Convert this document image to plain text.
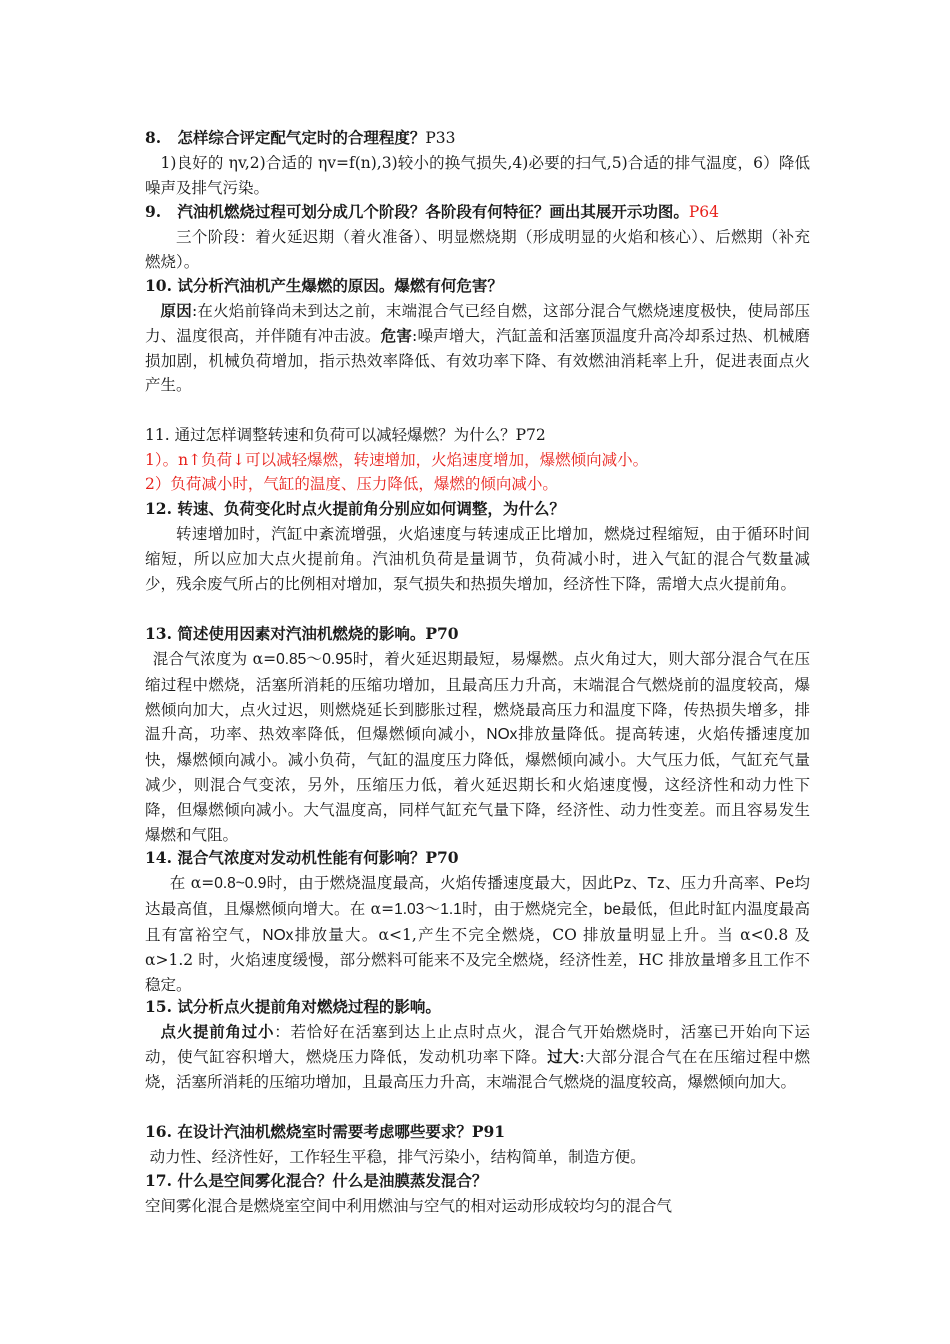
8.   怎样综合评定配气定时的合理程度？P33
1)良好的 ηv,2)合适的 ηv=f(n),3)较小的换气损失,4)必要的扫气,5)合适的排气温度，6）降低噪声及排气污染。
9.   汽油机燃烧过程可划分成几个阶段？各阶段有何特征？画出其展开示功图。P64
三个阶段：着火延迟期（着火准备）、明显燃烧期（形成明显的火焰和核心）、后燃期（补充燃烧）。
10. 试分析汽油机产生爆燃的原因。爆燃有何危害？
原因:在火焰前锋尚未到达之前，末端混合气已经自燃，这部分混合气燃烧速度极快，使局部压力、温度很高，并伴随有冲击波。危害:噪声增大，汽缸盖和活塞顶温度升高冷却系过热、机械磨损加剧，机械负荷增加，指示热效率降低、有效功率下降、有效燃油消耗率上升，促进表面点火产生。
11. 通过怎样调整转速和负荷可以减轻爆燃？为什么？P72
1）。n↑负荷↓可以减轻爆燃，转速增加，火焰速度增加，爆燃倾向减小。
2）负荷减小时，气缸的温度、压力降低，爆燃的倾向减小。
12. 转速、负荷变化时点火提前角分别应如何调整，为什么？
转速增加时，汽缸中紊流增强，火焰速度与转速成正比增加，燃烧过程缩短，由于循环时间缩短，所以应加大点火提前角。汽油机负荷是量调节，负荷减小时，进入气缸的混合气数量减少，残余废气所占的比例相对增加，泵气损失和热损失增加，经济性下降，需增大点火提前角。
13. 简述使用因素对汽油机燃烧的影响。P70
混合气浓度为 α=0.85～0.95时，着火延迟期最短，易爆燃。点火角过大，则大部分混合气在压缩过程中燃烧，活塞所消耗的压缩功增加，且最高压力升高，末端混合气燃烧前的温度较高，爆燃倾向加大，点火过迟，则燃烧延长到膨胀过程，燃烧最高压力和温度下降，传热损失增多，排温升高，功率、热效率降低，但爆燃倾向减小，NOx排放量降低。提高转速，火焰传播速度加快，爆燃倾向减小。减小负荷，气缸的温度压力降低，爆燃倾向减小。大气压力低，气缸充气量减少，则混合气变浓，另外，压缩压力低，着火延迟期长和火焰速度慢，这经济性和动力性下降，但爆燃倾向减小。大气温度高，同样气缸充气量下降，经济性、动力性变差。而且容易发生爆燃和气阻。
14. 混合气浓度对发动机性能有何影响？P70
在 α=0.8~0.9时，由于燃烧温度最高，火焰传播速度最大，因此Pz、Tz、压力升高率、Pe均达最高值，且爆燃倾向增大。在 α=1.03～1.1时，由于燃烧完全，be最低，但此时缸内温度最高且有富裕空气，NOx排放量大。α<1,产生不完全燃烧，CO 排放量明显上升。当 α<0.8 及 α>1.2 时，火焰速度缓慢，部分燃料可能来不及完全燃烧，经济性差，HC 排放量增多且工作不稳定。
15. 试分析点火提前角对燃烧过程的影响。
点火提前角过小：若恰好在活塞到达上止点时点火，混合气开始燃烧时，活塞已开始向下运动，使气缸容积增大，燃烧压力降低，发动机功率下降。过大:大部分混合气在在压缩过程中燃烧，活塞所消耗的压缩功增加，且最高压力升高，末端混合气燃烧的温度较高，爆燃倾向加大。
16. 在设计汽油机燃烧室时需要考虑哪些要求？P91
动力性、经济性好，工作轻生平稳，排气污染小，结构简单，制造方便。
17. 什么是空间雾化混合？什么是油膜蒸发混合？
空间雾化混合是燃烧室空间中利用燃油与空气的相对运动形成较均匀的混合气
